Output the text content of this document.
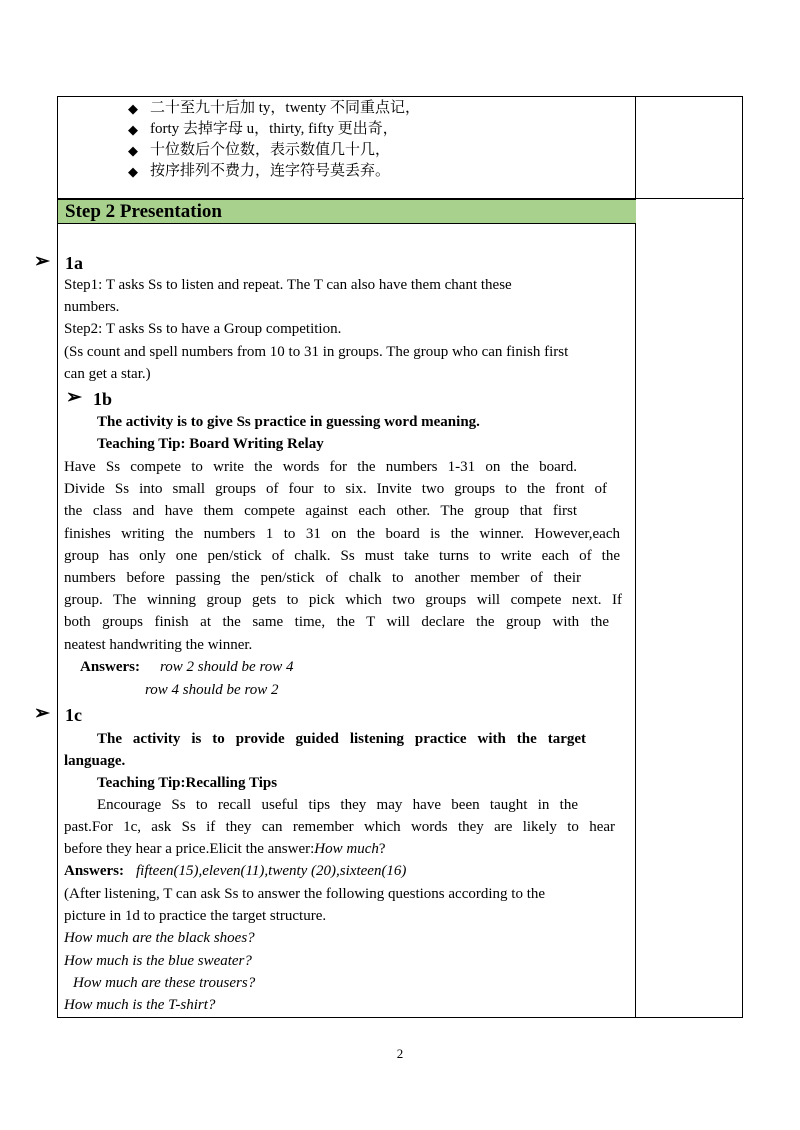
◆ 二十至九十后加 ty，twenty 不同重点记，
◆ forty 去掉字母 u，thirty, fifty 更出奇，
◆ 十位数后个位数，表示数值几十几，
◆ 按序排列不费力，连字符号莫丢弃。
Step 2 Presentation
➢ 1a
Step1: T asks Ss to listen and repeat. The T can also have them chant these
numbers.
Step2: T asks Ss to have a Group competition.
(Ss count and spell numbers from 10 to 31 in groups. The group who can finish first
can get a star.)
➢ 1b
The activity is to give Ss practice in guessing word meaning.
Teaching Tip: Board Writing Relay
Have Ss compete to write the words for the numbers 1-31 on the board.
Divide Ss into small groups of four to six. Invite two groups to the front of
the class and have them compete against each other. The group that first
finishes writing the numbers 1 to 31 on the board is the winner. However,each
group has only one pen/stick of chalk. Ss must take turns to write each of the
numbers before passing the pen/stick of chalk to another member of their
group. The winning group gets to pick which two groups will compete next. If
both groups finish at the same time, the T will declare the group with the
neatest handwriting the winner.
Answers: row 2 should be row 4
row 4 should be row 2
➢ 1c
The activity is to provide guided listening practice with the target
language.
Teaching Tip:Recalling Tips
Encourage Ss to recall useful tips they may have been taught in the
past.For 1c, ask Ss if they can remember which words they are likely to hear
before they hear a price.Elicit the answer:How much?
Answers: fifteen(15),eleven(11),twenty (20),sixteen(16)
(After listening, T can ask Ss to answer the following questions according to the
picture in 1d to practice the target structure.
How much are the black shoes?
How much is the blue sweater?
How much are these trousers?
How much is the T-shirt?
2
